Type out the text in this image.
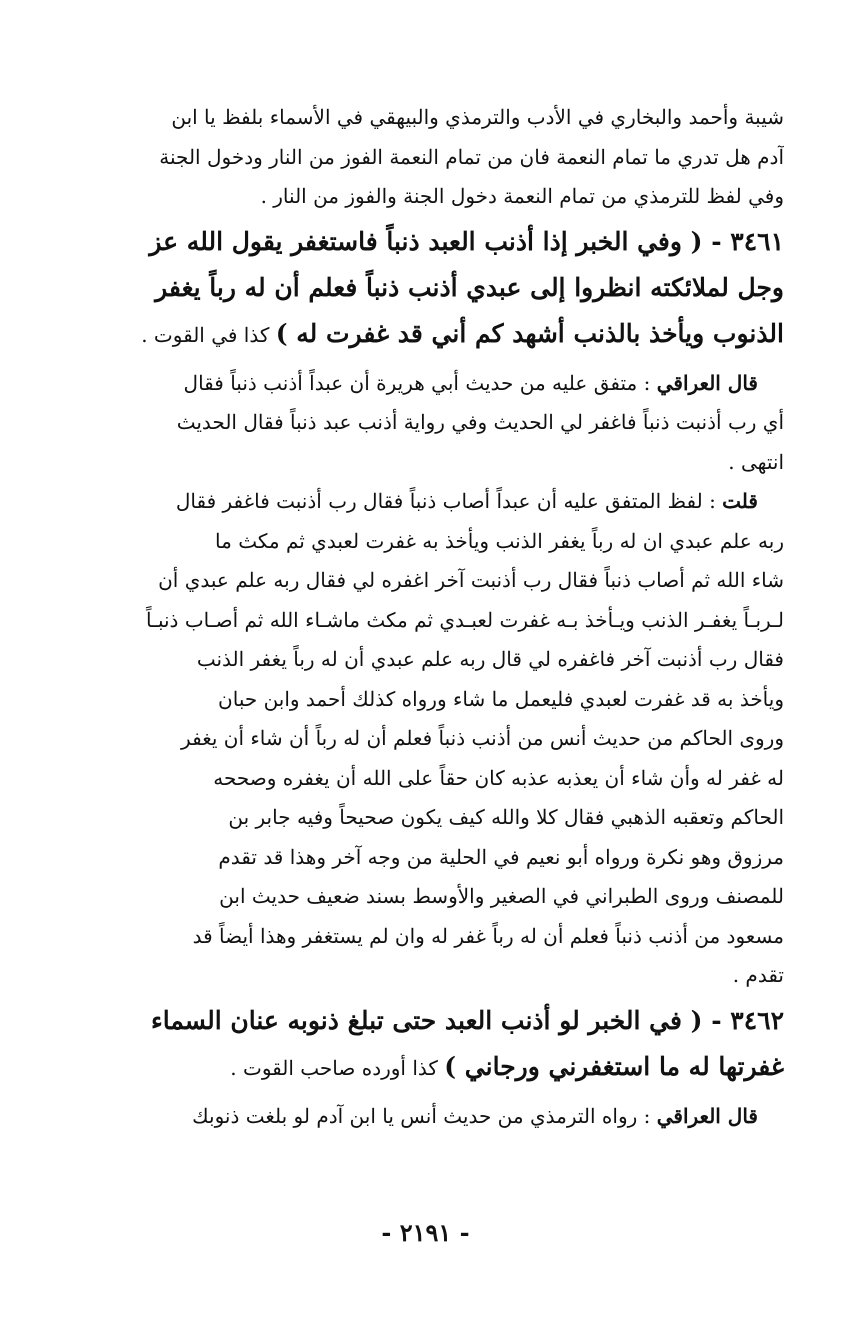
شيبة وأحمد والبخاري في الأدب والترمذي والبيهقي في الأسماء بلفظ يا ابن
آدم هل تدري ما تمام النعمة فان من تمام النعمة الفوز من النار ودخول الجنة
وفي لفظ للترمذي من تمام النعمة دخول الجنة والفوز من النار .
٣٤٦١ - ( وفي الخبر إذا أذنب العبد ذنباً فاستغفر يقول الله عز
وجل لملائكته انظروا إلى عبدي أذنب ذنباً فعلم أن له رباً يغفر
الذنوب ويأخذ بالذنب أشهد كم أني قد غفرت له ) كذا في القوت .
قال العراقي : متفق عليه من حديث أبي هريرة أن عبداً أذنب ذنباً فقال
أي رب أذنبت ذنباً فاغفر لي الحديث وفي رواية أذنب عبد ذنباً فقال الحديث
انتهى .
قلت : لفظ المتفق عليه أن عبداً أصاب ذنباً فقال رب أذنبت فاغفر فقال
ربه علم عبدي ان له رباً يغفر الذنب ويأخذ به غفرت لعبدي ثم مكث ما
شاء الله ثم أصاب ذنباً فقال رب أذنبت آخر اغفره لي فقال ربه علم عبدي أن
لـربـاً يغفـر الذنب ويـأخذ بـه غفرت لعبـدي ثم مكث ماشـاء الله ثم أصـاب ذنبـاً
فقال رب أذنبت آخر فاغفره لي قال ربه علم عبدي أن له رباً يغفر الذنب
ويأخذ به قد غفرت لعبدي فليعمل ما شاء ورواه كذلك أحمد وابن حبان
وروى الحاكم من حديث أنس من أذنب ذنباً فعلم أن له رباً أن شاء أن يغفر
له غفر له وأن شاء أن يعذبه عذبه كان حقاً على الله أن يغفره وصححه
الحاكم وتعقبه الذهبي فقال كلا والله كيف يكون صحيحاً وفيه جابر بن
مرزوق وهو نكرة ورواه أبو نعيم في الحلية من وجه آخر وهذا قد تقدم
للمصنف وروى الطبراني في الصغير والأوسط بسند ضعيف حديث ابن
مسعود من أذنب ذنباً فعلم أن له رباً غفر له وان لم يستغفر وهذا أيضاً قد
تقدم .
٣٤٦٢ - ( في الخبر لو أذنب العبد حتى تبلغ ذنوبه عنان السماء
غفرتها له ما استغفرني ورجاني ) كذا أورده صاحب القوت .
قال العراقي : رواه الترمذي من حديث أنس يا ابن آدم لو بلغت ذنوبك
- ٢١٩١ -
